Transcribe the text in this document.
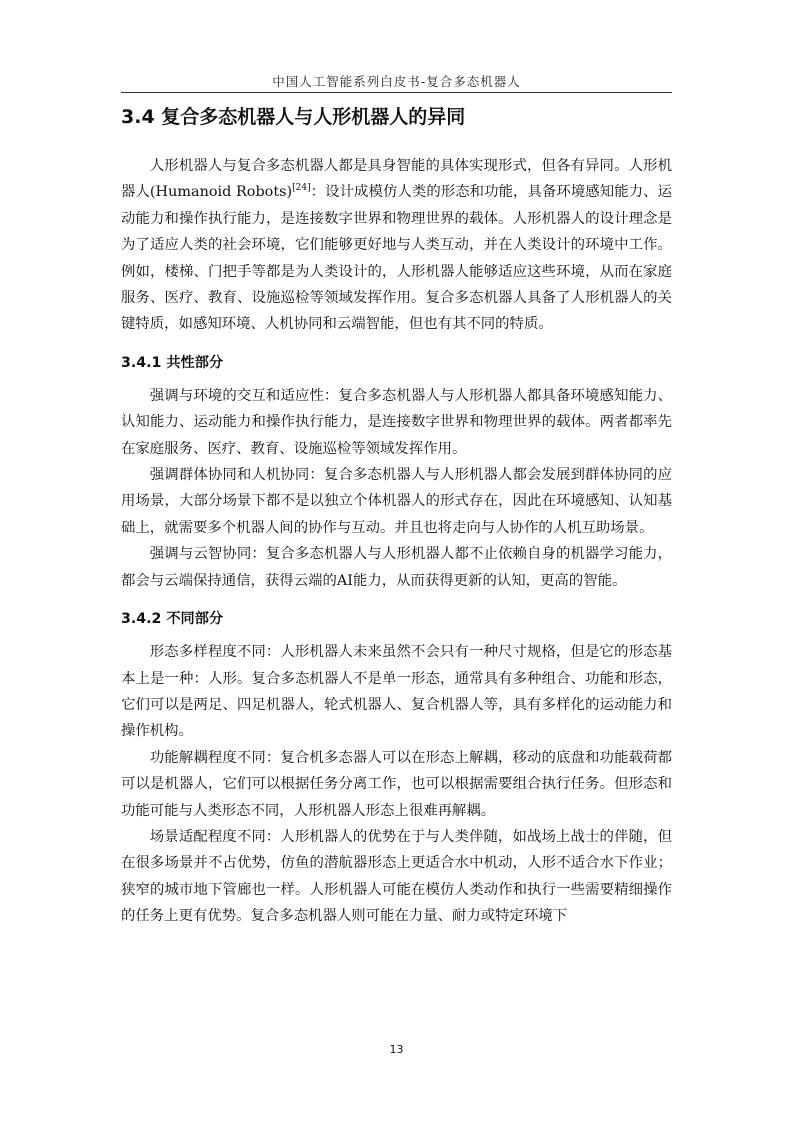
中国人工智能系列白皮书-复合多态机器人
3.4 复合多态机器人与人形机器人的异同

人形机器人与复合多态机器人都是具身智能的具体实现形式，但各有异同。人形机器人(Humanoid Robots)[24]：设计成模仿人类的形态和功能，具备环境感知能力、运动能力和操作执行能力，是连接数字世界和物理世界的载体。人形机器人的设计理念是为了适应人类的社会环境，它们能够更好地与人类互动，并在人类设计的环境中工作。例如，楼梯、门把手等都是为人类设计的，人形机器人能够适应这些环境，从而在家庭服务、医疗、教育、设施巡检等领域发挥作用。复合多态机器人具备了人形机器人的关键特质，如感知环境、人机协同和云端智能，但也有其不同的特质。

3.4.1 共性部分

强调与环境的交互和适应性：复合多态机器人与人形机器人都具备环境感知能力、认知能力、运动能力和操作执行能力，是连接数字世界和物理世界的载体。两者都率先在家庭服务、医疗、教育、设施巡检等领域发挥作用。

强调群体协同和人机协同：复合多态机器人与人形机器人都会发展到群体协同的应用场景，大部分场景下都不是以独立个体机器人的形式存在，因此在环境感知、认知基础上，就需要多个机器人间的协作与互动。并且也将走向与人协作的人机互助场景。

强调与云智协同：复合多态机器人与人形机器人都不止依赖自身的机器学习能力，都会与云端保持通信，获得云端的AI能力，从而获得更新的认知，更高的智能。

3.4.2 不同部分

形态多样程度不同：人形机器人未来虽然不会只有一种尺寸规格，但是它的形态基本上是一种：人形。复合多态机器人不是单一形态，通常具有多种组合、功能和形态，它们可以是两足、四足机器人，轮式机器人、复合机器人等，具有多样化的运动能力和操作机构。

功能解耦程度不同：复合机多态器人可以在形态上解耦，移动的底盘和功能载荷都可以是机器人，它们可以根据任务分离工作，也可以根据需要组合执行任务。但形态和功能可能与人类形态不同，人形机器人形态上很难再解耦。

场景适配程度不同：人形机器人的优势在于与人类伴随，如战场上战士的伴随，但在很多场景并不占优势，仿鱼的潜航器形态上更适合水中机动，人形不适合水下作业；狭窄的城市地下管廊也一样。人形机器人可能在模仿人类动作和执行一些需要精细操作的任务上更有优势。复合多态机器人则可能在力量、耐力或特定环境下

13
